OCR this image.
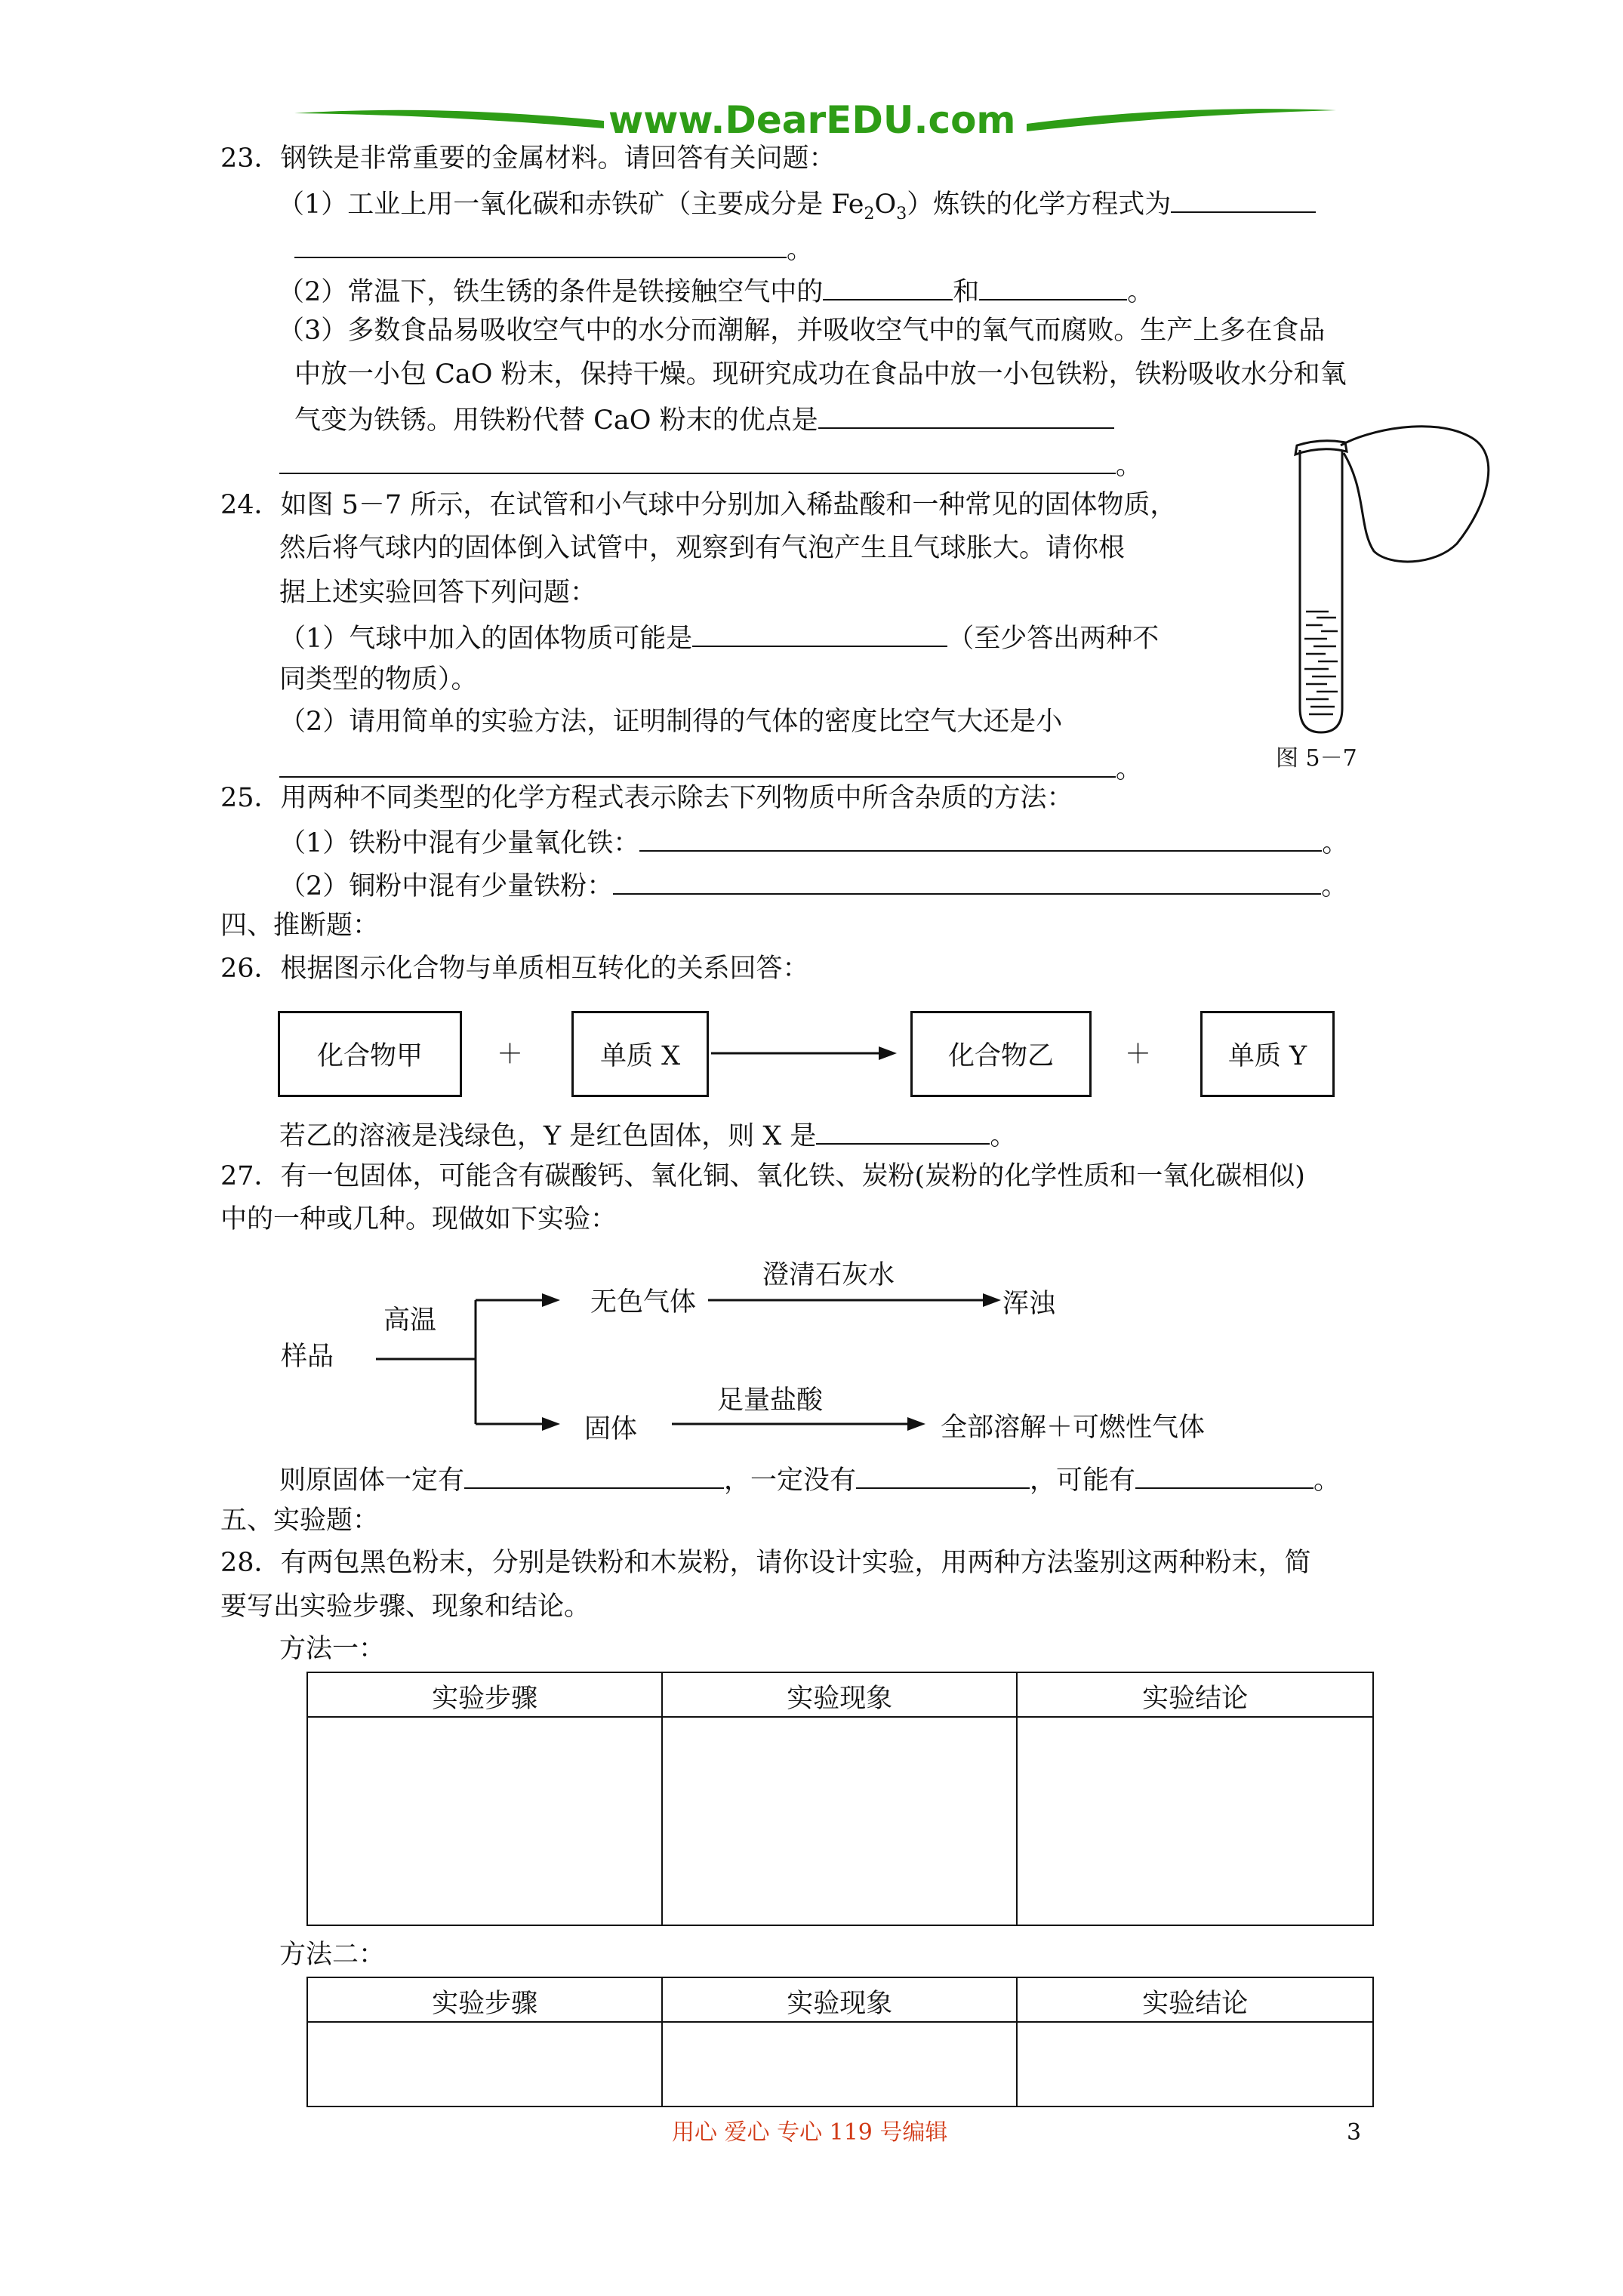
www.DearEDU.com
23．钢铁是非常重要的金属材料。请回答有关问题：
（1）工业上用一氧化碳和赤铁矿（主要成分是 $Fe_2O_3$）炼铁的化学方程式为
。
（2）常温下，铁生锈的条件是铁接触空气中的	和	。
（3）多数食品易吸收空气中的水分而潮解，并吸收空气中的氧气而腐败。生产上多在食品
中放一小包 CaO 粉末，保持干燥。现研究成功在食品中放一小包铁粉，铁粉吸收水分和氧
气变为铁锈。用铁粉代替 CaO 粉末的优点是
。
24．如图 5－7 所示，在试管和小气球中分别加入稀盐酸和一种常见的固体物质，
然后将气球内的固体倒入试管中，观察到有气泡产生且气球胀大。请你根
据上述实验回答下列问题：
（1）气球中加入的固体物质可能是	（至少答出两种不
同类型的物质）。
（2）请用简单的实验方法，证明制得的气体的密度比空气大还是小
。	图 5－7
25．用两种不同类型的化学方程式表示除去下列物质中所含杂质的方法：
（1）铁粉中混有少量氧化铁：	。
（2）铜粉中混有少量铁粉：	。
四、推断题：
26．根据图示化合物与单质相互转化的关系回答：
化合物甲	＋	单质 X	化合物乙	＋	单质 Y
若乙的溶液是浅绿色，Y 是红色固体，则 X 是	。
27．有一包固体，可能含有碳酸钙、氧化铜、氧化铁、炭粉(炭粉的化学性质和一氧化碳相似)
中的一种或几种。现做如下实验：
样品
高温
无色气体
澄清石灰水
浑浊
固体
足量盐酸
全部溶解＋可燃性气体
则原固体一定有	，一定没有	，可能有	。
五、实验题：
28．有两包黑色粉末，分别是铁粉和木炭粉，请你设计实验，用两种方法鉴别这两种粉末，简
要写出实验步骤、现象和结论。
方法一：
实验步骤	实验现象	实验结论

方法二：
实验步骤	实验现象	实验结论

用心 爱心 专心 119 号编辑	3
